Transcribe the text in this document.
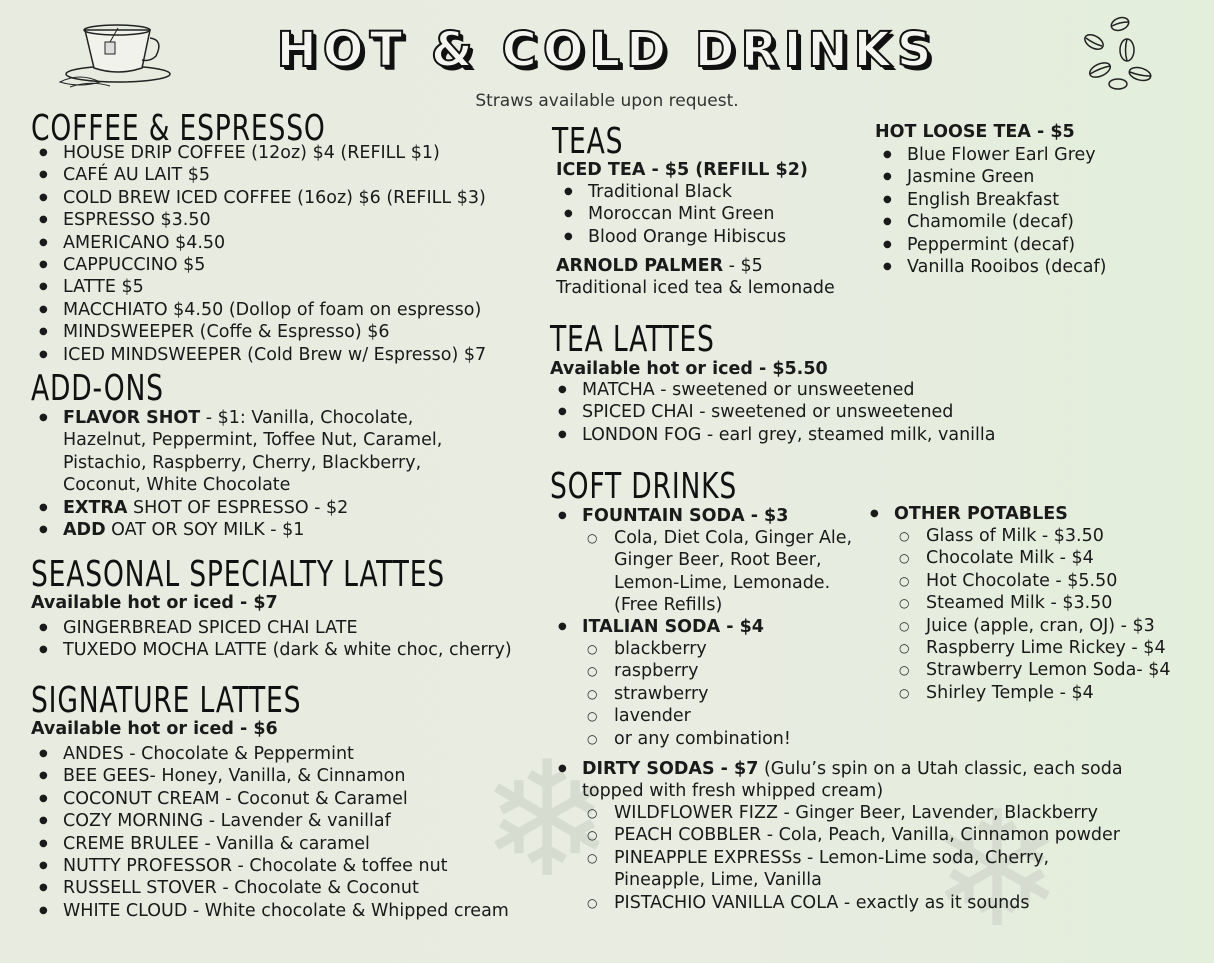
❄ ❄
HOT & COLD DRINKS
Straws available upon request.
COFFEE & ESPRESSO
● HOUSE DRIP COFFEE (12oz) $4 (REFILL $1)
● CAFÉ AU LAIT $5
● COLD BREW ICED COFFEE (16oz) $6 (REFILL $3)
● ESPRESSO $3.50
● AMERICANO $4.50
● CAPPUCCINO $5
● LATTE $5
● MACCHIATO $4.50 (Dollop of foam on espresso)
● MINDSWEEPER (Coffe & Espresso) $6
● ICED MINDSWEEPER (Cold Brew w/ Espresso) $7
ADD-ONS
● FLAVOR SHOT - $1: Vanilla, Chocolate,
Hazelnut, Peppermint, Toffee Nut, Caramel,
Pistachio, Raspberry, Cherry, Blackberry,
Coconut, White Chocolate
● EXTRA SHOT OF ESPRESSO - $2
● ADD OAT OR SOY MILK - $1
SEASONAL SPECIALTY LATTES
Available hot or iced - $7
● GINGERBREAD SPICED CHAI LATE
● TUXEDO MOCHA LATTE (dark & white choc, cherry)
SIGNATURE LATTES
Available hot or iced - $6
● ANDES - Chocolate & Peppermint
● BEE GEES- Honey, Vanilla, & Cinnamon
● COCONUT CREAM - Coconut & Caramel
● COZY MORNING - Lavender & vanillaf
● CREME BRULEE - Vanilla & caramel
● NUTTY PROFESSOR - Chocolate & toffee nut
● RUSSELL STOVER - Chocolate & Coconut
● WHITE CLOUD - White chocolate & Whipped cream
TEAS
ICED TEA - $5 (REFILL $2)
● Traditional Black
● Moroccan Mint Green
● Blood Orange Hibiscus
ARNOLD PALMER - $5
Traditional iced tea & lemonade
HOT LOOSE TEA - $5
● Blue Flower Earl Grey
● Jasmine Green
● English Breakfast
● Chamomile (decaf)
● Peppermint (decaf)
● Vanilla Rooibos (decaf)
TEA LATTES
Available hot or iced - $5.50
● MATCHA - sweetened or unsweetened
● SPICED CHAI - sweetened or unsweetened
● LONDON FOG - earl grey, steamed milk, vanilla
SOFT DRINKS
● FOUNTAIN SODA - $3
○ Cola, Diet Cola, Ginger Ale,
Ginger Beer, Root Beer,
Lemon-Lime, Lemonade.
(Free Refills)
● ITALIAN SODA - $4
○ blackberry
○ raspberry
○ strawberry
○ lavender
○ or any combination!
● OTHER POTABLES
○ Glass of Milk - $3.50
○ Chocolate Milk - $4
○ Hot Chocolate - $5.50
○ Steamed Milk - $3.50
○ Juice (apple, cran, OJ) - $3
○ Raspberry Lime Rickey - $4
○ Strawberry Lemon Soda- $4
○ Shirley Temple - $4
● DIRTY SODAS - $7 (Gulu’s spin on a Utah classic, each soda
topped with fresh whipped cream)
○ WILDFLOWER FIZZ - Ginger Beer, Lavender, Blackberry
○ PEACH COBBLER - Cola, Peach, Vanilla, Cinnamon powder
○ PINEAPPLE EXPRESSs - Lemon-Lime soda, Cherry,
Pineapple, Lime, Vanilla
○ PISTACHIO VANILLA COLA - exactly as it sounds
